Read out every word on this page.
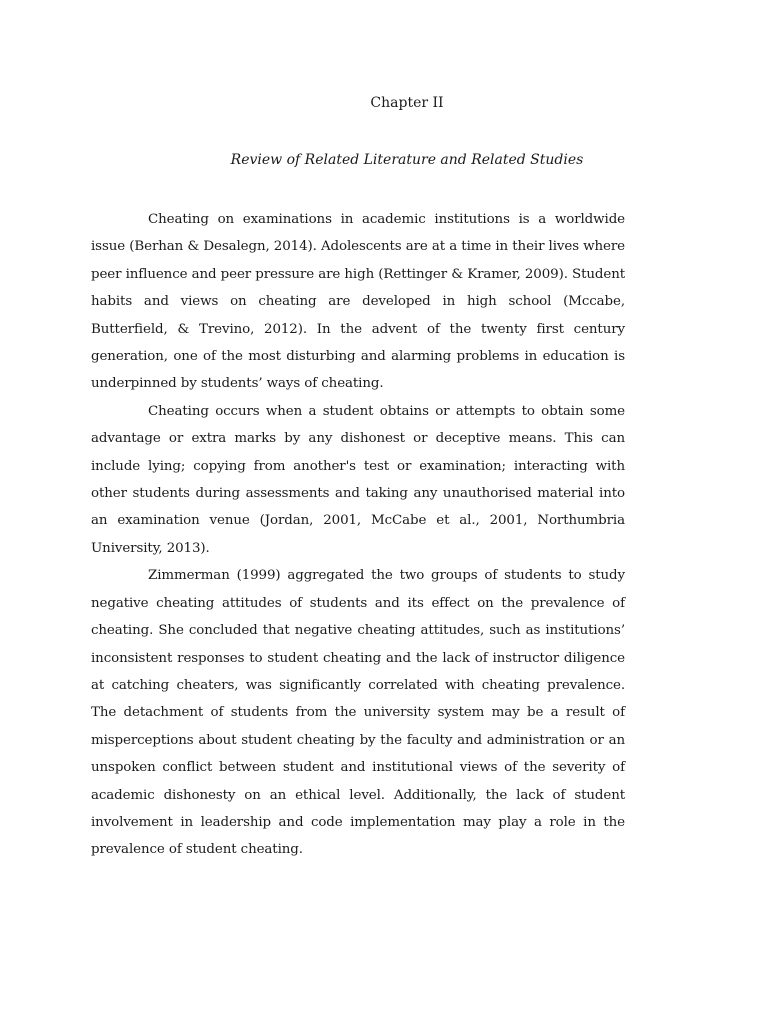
Chapter II
Review of Related Literature and Related Studies

Cheating on examinations in academic institutions is a worldwide issue (Berhan & Desalegn, 2014). Adolescents are at a time in their lives where peer influence and peer pressure are high (Rettinger & Kramer, 2009). Student habits and views on cheating are developed in high school (Mccabe, Butterfield, & Trevino, 2012). In the advent of the twenty first century generation, one of the most disturbing and alarming problems in education is underpinned by students’ ways of cheating.

Cheating occurs when a student obtains or attempts to obtain some advantage or extra marks by any dishonest or deceptive means. This can include lying; copying from another's test or examination; interacting with other students during assessments and taking any unauthorised material into an examination venue (Jordan, 2001, McCabe et al., 2001, Northumbria University, 2013).

Zimmerman (1999) aggregated the two groups of students to study negative cheating attitudes of students and its effect on the prevalence of cheating. She concluded that negative cheating attitudes, such as institutions’ inconsistent responses to student cheating and the lack of instructor diligence at catching cheaters, was significantly correlated with cheating prevalence. The detachment of students from the university system may be a result of misperceptions about student cheating by the faculty and administration or an unspoken conflict between student and institutional views of the severity of academic dishonesty on an ethical level. Additionally, the lack of student involvement in leadership and code implementation may play a role in the prevalence of student cheating.
